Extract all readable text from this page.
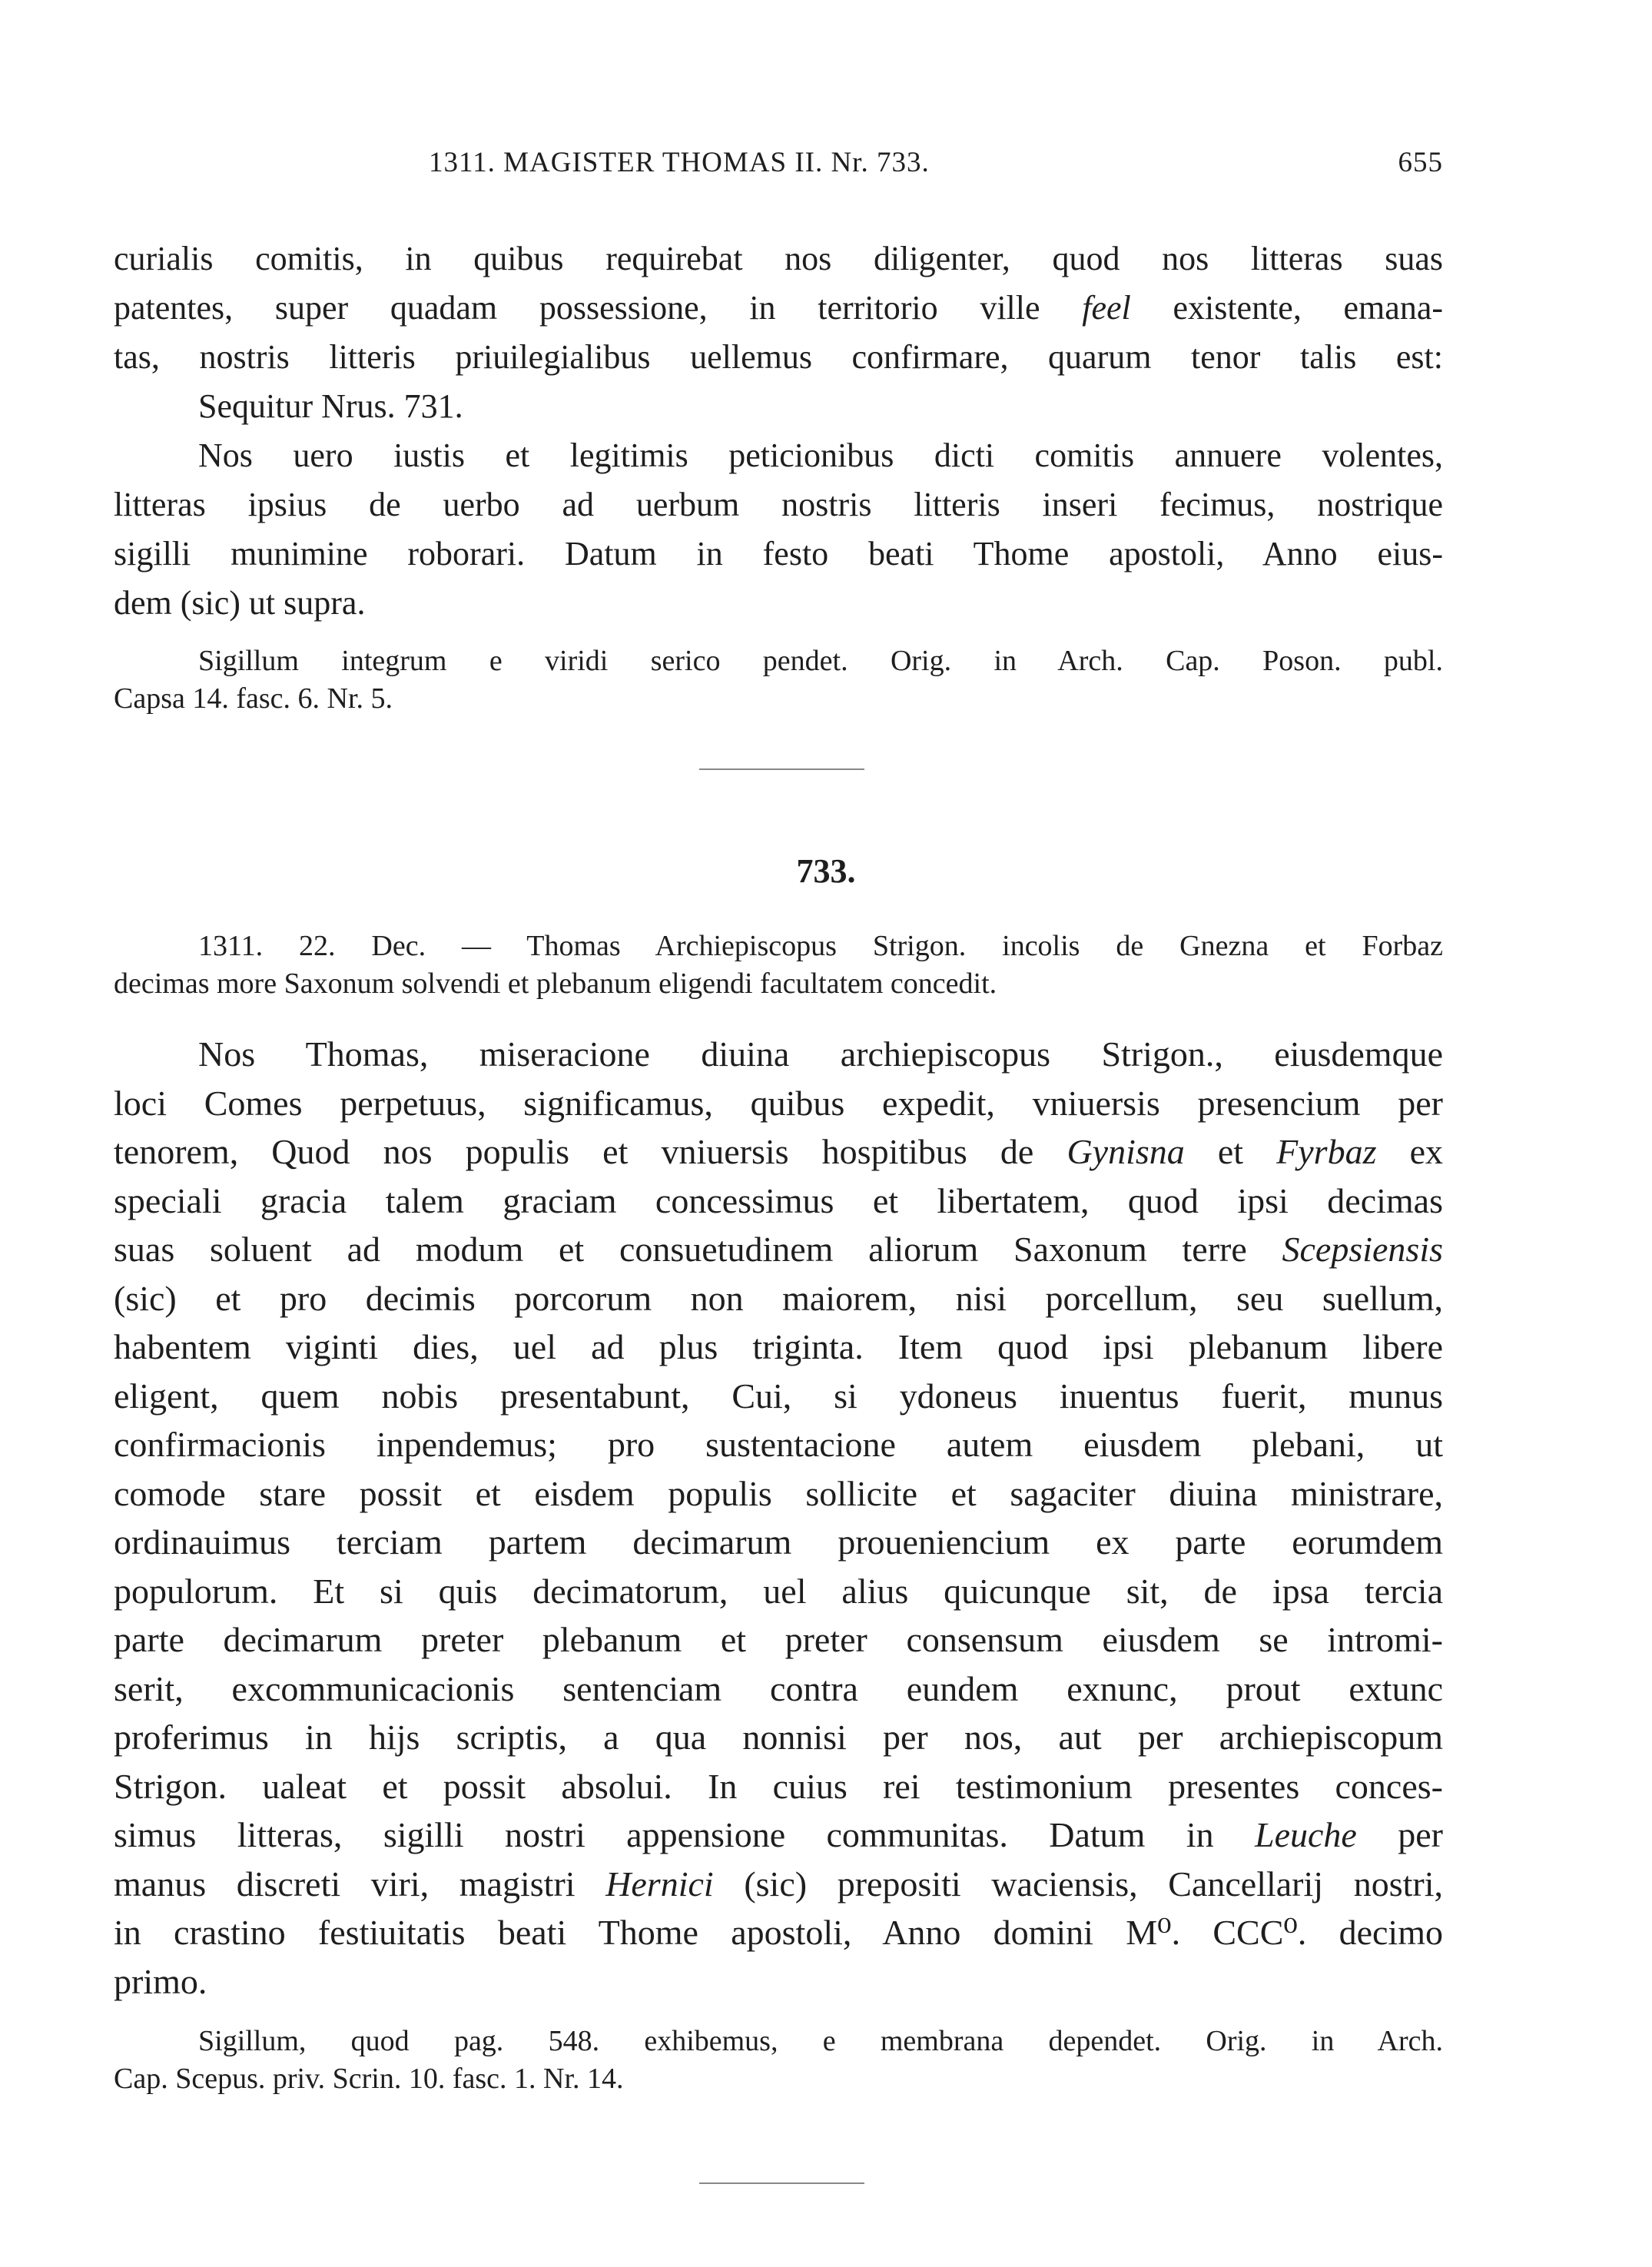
1311. MAGISTER THOMAS II. Nr. 733.	655

curialis comitis, in quibus requirebat nos diligenter, quod nos litteras suas
patentes, super quadam possessione, in territorio ville feel existente, emana-
tas, nostris litteris priuilegialibus uellemus confirmare, quarum tenor talis est:

Sequitur Nrus. 731.

Nos uero iustis et legitimis peticionibus dicti comitis annuere volentes,
litteras ipsius de uerbo ad uerbum nostris litteris inseri fecimus, nostrique
sigilli munimine roborari. Datum in festo beati Thome apostoli, Anno eius-
dem (sic) ut supra.

Sigillum integrum e viridi serico pendet. Orig. in Arch. Cap. Poson. publ.
Capsa 14. fasc. 6. Nr. 5.

733.

1311. 22. Dec. — Thomas Archiepiscopus Strigon. incolis de Gnezna et Forbaz
decimas more Saxonum solvendi et plebanum eligendi facultatem concedit.

Nos Thomas, miseracione diuina archiepiscopus Strigon., eiusdemque
loci Comes perpetuus, significamus, quibus expedit, vniuersis presencium per
tenorem, Quod nos populis et vniuersis hospitibus de Gynisna et Fyrbaz ex
speciali gracia talem graciam concessimus et libertatem, quod ipsi decimas
suas soluent ad modum et consuetudinem aliorum Saxonum terre Scepsiensis
(sic) et pro decimis porcorum non maiorem, nisi porcellum, seu suellum,
habentem viginti dies, uel ad plus triginta. Item quod ipsi plebanum libere
eligent, quem nobis presentabunt, Cui, si ydoneus inuentus fuerit, munus
confirmacionis inpendemus; pro sustentacione autem eiusdem plebani, ut
comode stare possit et eisdem populis sollicite et sagaciter diuina ministrare,
ordinauimus terciam partem decimarum proueniencium ex parte eorumdem
populorum. Et si quis decimatorum, uel alius quicunque sit, de ipsa tercia
parte decimarum preter plebanum et preter consensum eiusdem se intromi-
serit, excommunicacionis sentenciam contra eundem exnunc, prout extunc
proferimus in hijs scriptis, a qua nonnisi per nos, aut per archiepiscopum
Strigon. ualeat et possit absolui. In cuius rei testimonium presentes conces-
simus litteras, sigilli nostri appensione communitas. Datum in Leuche per
manus discreti viri, magistri Hernici (sic) prepositi waciensis, Cancellarij nostri,
in crastino festiuitatis beati Thome apostoli, Anno domini M⁰. CCC⁰. decimo
primo.

Sigillum, quod pag. 548. exhibemus, e membrana dependet. Orig. in Arch.
Cap. Scepus. priv. Scrin. 10. fasc. 1. Nr. 14.
